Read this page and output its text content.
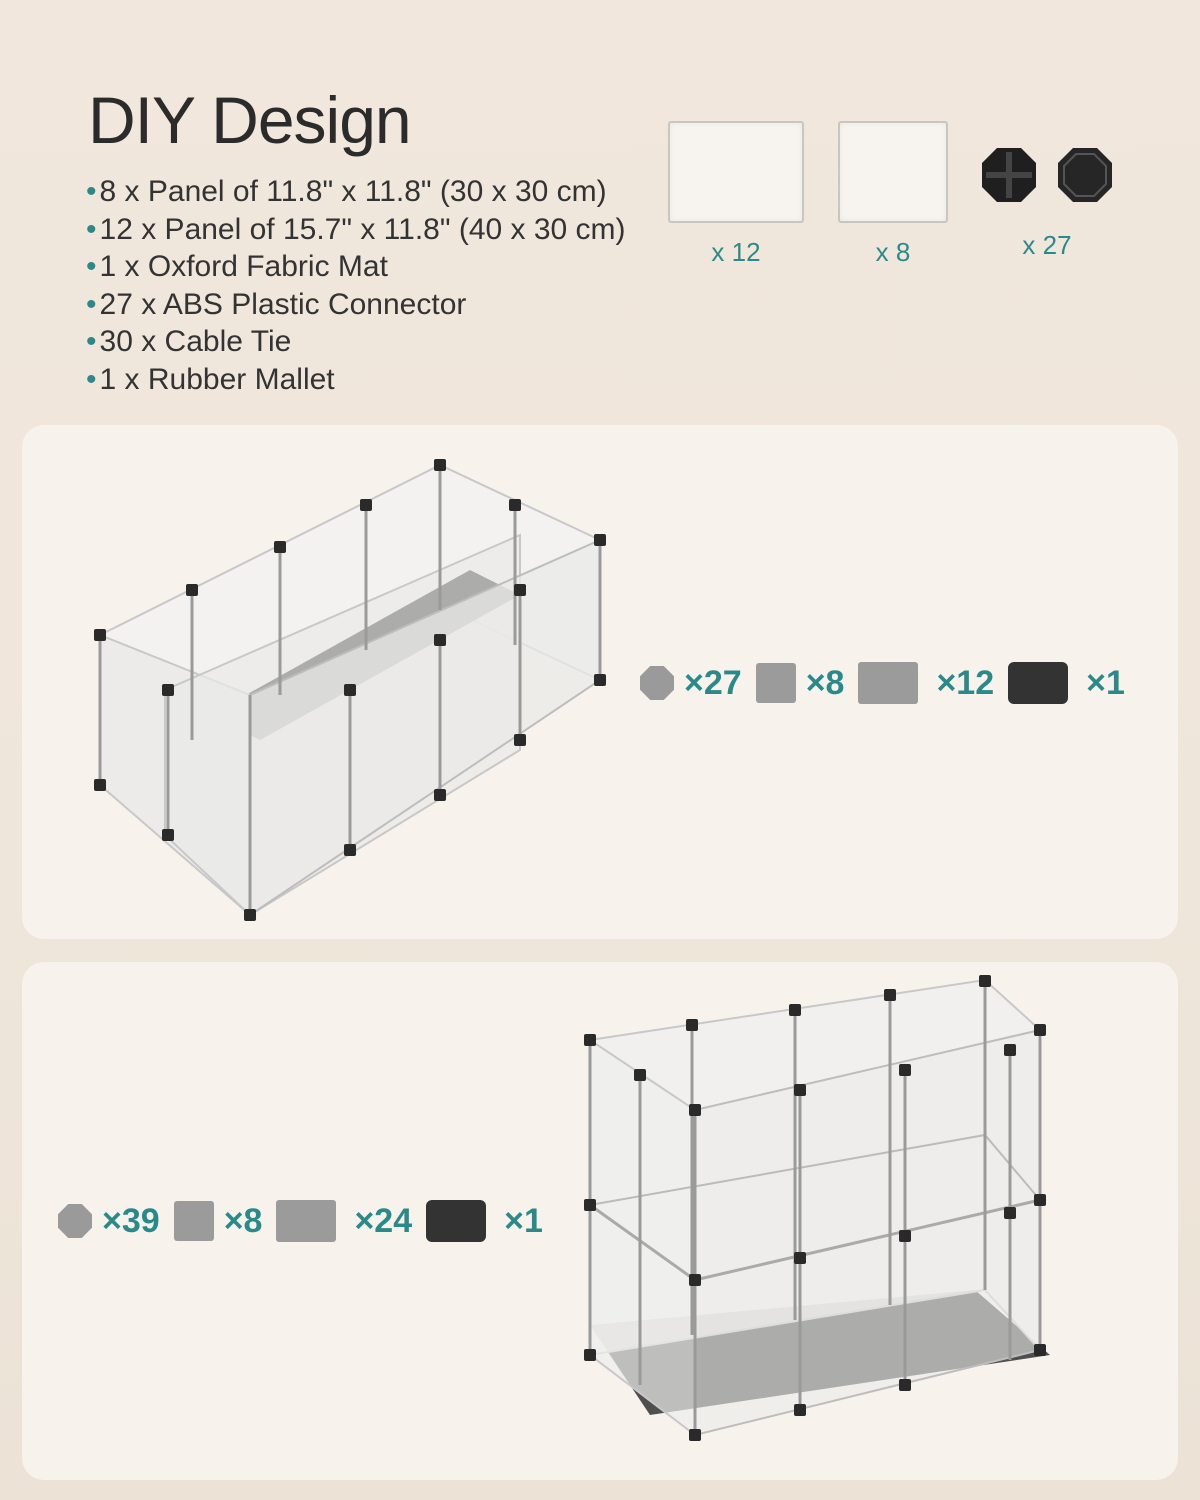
DIY Design
• 8 x Panel of 11.8" x 11.8" (30 x 30 cm)
• 12 x Panel of 15.7" x 11.8" (40 x 30 cm)
• 1 x Oxford Fabric Mat
• 27 x ABS Plastic Connector
• 30 x Cable Tie
• 1 x Rubber Mallet
x 12	x 8	x 27
×27 ×8	×12	×1
×39 ×8	×24	×1
